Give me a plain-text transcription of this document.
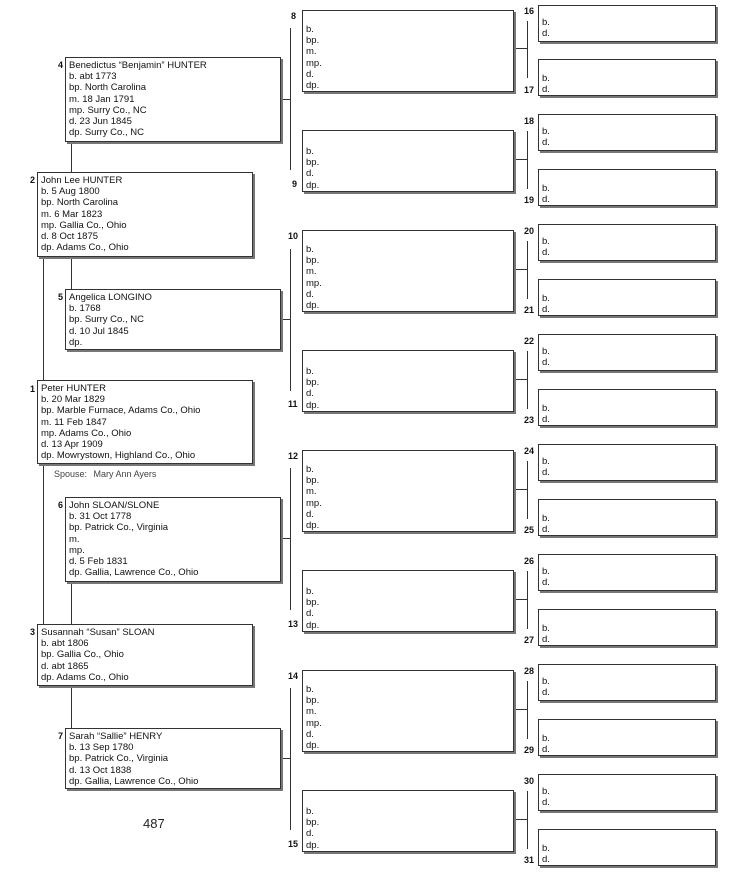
Peter HUNTER
b. 20 Mar 1829
bp. Marble Furnace, Adams Co., Ohio
m. 11 Feb 1847
mp. Adams Co., Ohio
d. 13 Apr 1909
dp. Mowrystown, Highland Co., Ohio
John Lee HUNTER
b. 5 Aug 1800
bp. North Carolina
m. 6 Mar 1823
mp. Gallia Co., Ohio
d. 8 Oct 1875
dp. Adams Co., Ohio
Susannah “Susan” SLOAN
b. abt 1806
bp. Gallia Co., Ohio
d. abt 1865
dp. Adams Co., Ohio
Benedictus “Benjamin” HUNTER
b. abt 1773
bp. North Carolina
m. 18 Jan 1791
mp. Surry Co., NC
d. 23 Jun 1845
dp. Surry Co., NC
Angelica LONGINO
b. 1768
bp. Surry Co., NC
d. 10 Jul 1845
dp.
John SLOAN/SLONE
b. 31 Oct 1778
bp. Patrick Co., Virginia
m.
mp.
d. 5 Feb 1831
dp. Gallia, Lawrence Co., Ohio
Sarah “Sallie” HENRY
b. 13 Sep 1780
bp. Patrick Co., Virginia
d. 13 Oct 1838
dp. Gallia, Lawrence Co., Ohio
b.
bp.
m.
mp.
d.
dp.
b.
bp.
d.
dp.
b.
bp.
m.
mp.
d.
dp.
b.
bp.
d.
dp.
b.
bp.
m.
mp.
d.
dp.
b.
bp.
d.
dp.
b.
bp.
m.
mp.
d.
dp.
b.
bp.
d.
dp.
b.
d.
b.
d.
b.
d.
b.
d.
b.
d.
b.
d.
b.
d.
b.
d.
b.
d.
b.
d.
b.
d.
b.
d.
b.
d.
b.
d.
b.
d.
b.
d.
1
2
3
4
5
6
7
8
9
10
11
12
13
14
15
16
17
18
19
20
21
22
23
24
25
26
27
28
29
30
31
Spouse: Mary Ann Ayers
487
